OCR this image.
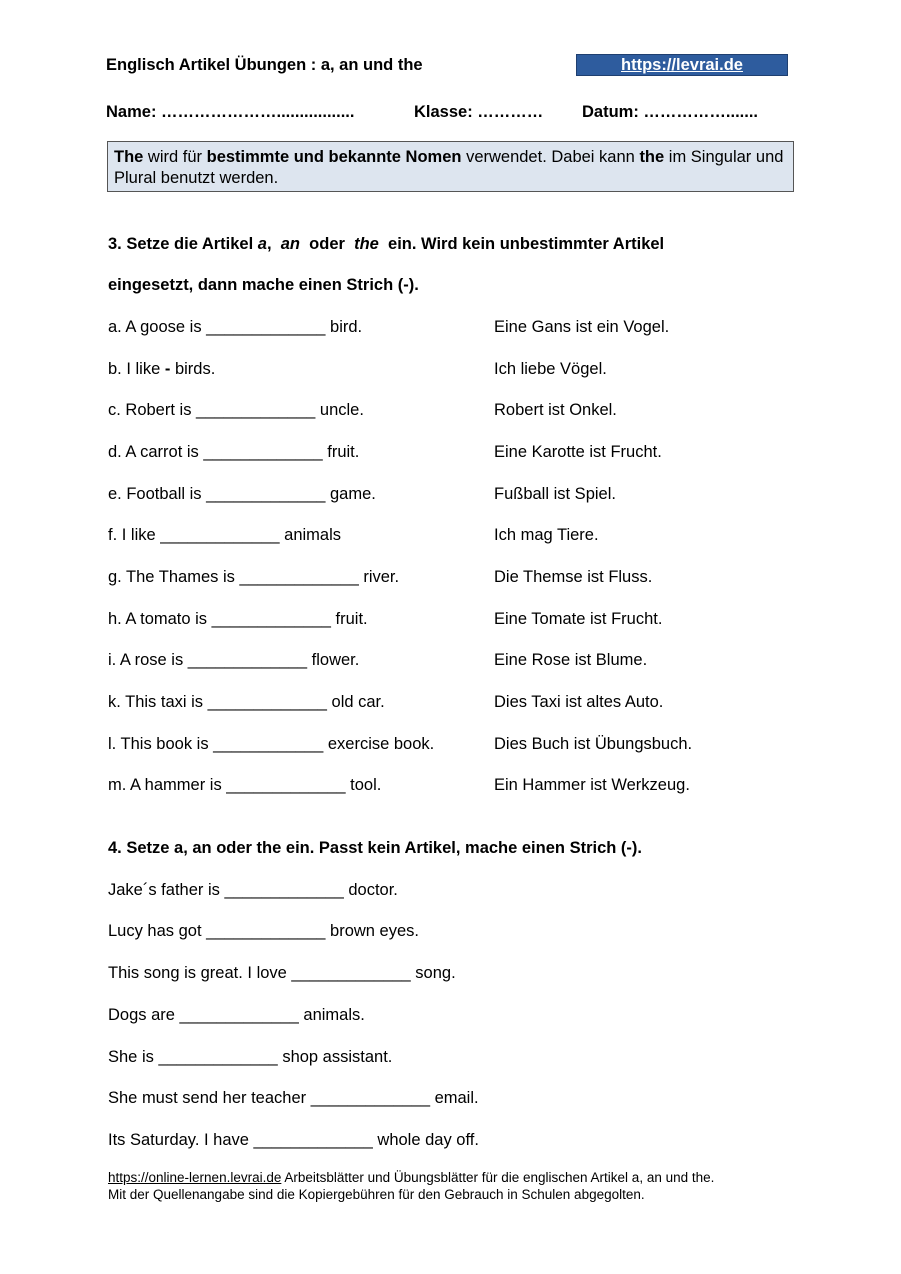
Englisch Artikel Übungen : a, an und the	https://levrai.de
Name: ………………….................	Klasse: ………… Datum: …………….......
The wird für bestimmte und bekannte Nomen verwendet. Dabei kann the im Singular und Plural benutzt werden.
3. Setze die Artikel a,  an  oder  the  ein. Wird kein unbestimmter Artikel
eingesetzt, dann mache einen Strich (-).
a. A goose is _____________ bird.	Eine Gans ist ein Vogel.
b. I like - birds.	Ich liebe Vögel.
c. Robert is _____________ uncle.	Robert ist Onkel.
d. A carrot is _____________ fruit.	Eine Karotte ist Frucht.
e. Football is _____________ game.	Fußball ist Spiel.
f. I like _____________ animals	Ich mag Tiere.
g. The Thames is _____________ river.	Die Themse ist Fluss.
h. A tomato is _____________ fruit.	Eine Tomate ist Frucht.
i. A rose is _____________ flower.	Eine Rose ist Blume.
k. This taxi is _____________ old car.	Dies Taxi ist altes Auto.
l. This book is ____________ exercise book.	Dies Buch ist Übungsbuch.
m. A hammer is _____________ tool.	Ein Hammer ist Werkzeug.
4. Setze a, an oder the ein. Passt kein Artikel, mache einen Strich (-).
Jake´s father is _____________ doctor.
Lucy has got _____________ brown eyes.
This song is great. I love _____________ song.
Dogs are _____________ animals.
She is _____________ shop assistant.
She must send her teacher _____________ email.
Its Saturday. I have _____________ whole day off.
https://online-lernen.levrai.de Arbeitsblätter und Übungsblätter für die englischen Artikel a, an und the.
Mit der Quellenangabe sind die Kopiergebühren für den Gebrauch in Schulen abgegolten.
